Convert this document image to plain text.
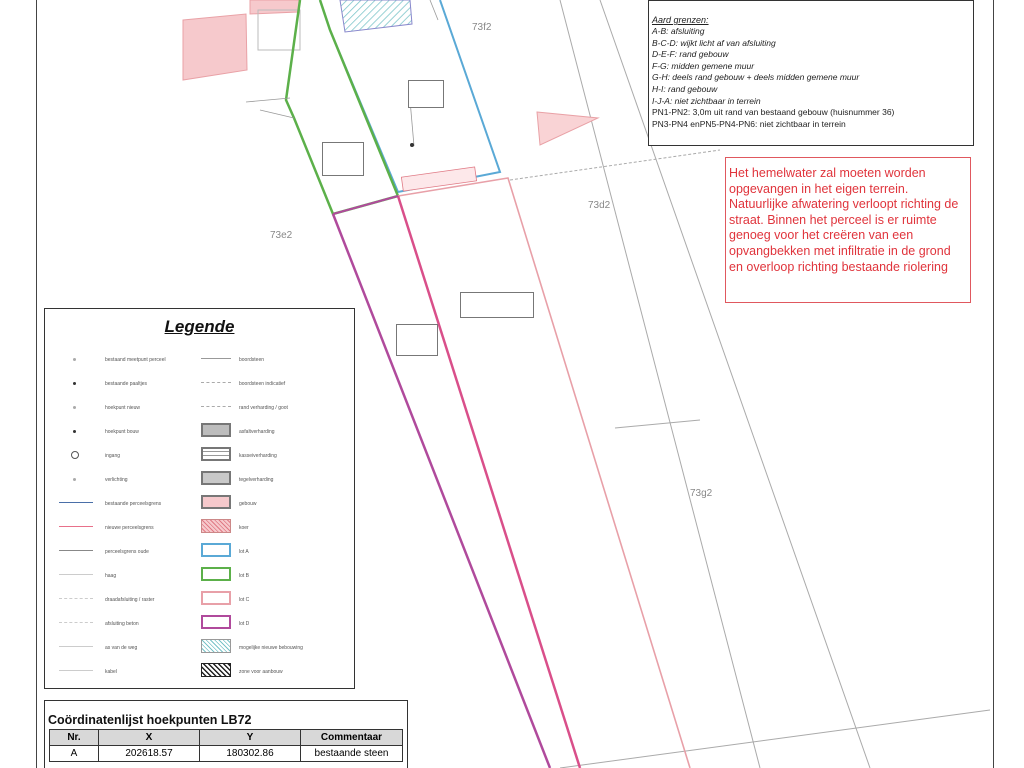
73f2
73d2
73e2
73g2
Aard grenzen:
A-B: afsluiting
B-C-D: wijkt licht af van afsluiting
D-E-F: rand gebouw
F-G: midden gemene muur
G-H: deels rand gebouw + deels midden gemene muur
H-I: rand gebouw
I-J-A: niet zichtbaar in terrein
PN1-PN2: 3,0m uit rand van bestaand gebouw (huisnummer 36)
PN3-PN4 enPN5-PN4-PN6: niet zichtbaar in terrein
Het hemelwater zal moeten worden opgevangen in het eigen terrein. Natuurlijke afwatering verloopt richting de straat. Binnen het perceel is er ruimte genoeg voor het creëren van een opvangbekken met infiltratie in de grond en overloop richting bestaande riolering
Legende
bestaand meetpunt perceel
bestaande paaltjes
hoekpunt nieuw
hoekpunt bouw
ingang
verlichting
bestaande perceelsgrens
nieuwe perceelsgrens
perceelsgrens oude
haag
draadafsluiting / raster
afsluiting beton
as van de weg
kabel
boordsteen
boordsteen indicatief
rand verharding / goot
asfaltverharding
kasseiverharding
tegelverharding
gebouw
koer
lot A
lot B
lot C
lot D
mogelijke nieuwe bebouwing
zone voor aanbouw
Coördinatenlijst hoekpunten LB72
Nr.	X	Y	Commentaar
A	202618.57	180302.86	bestaande steen
